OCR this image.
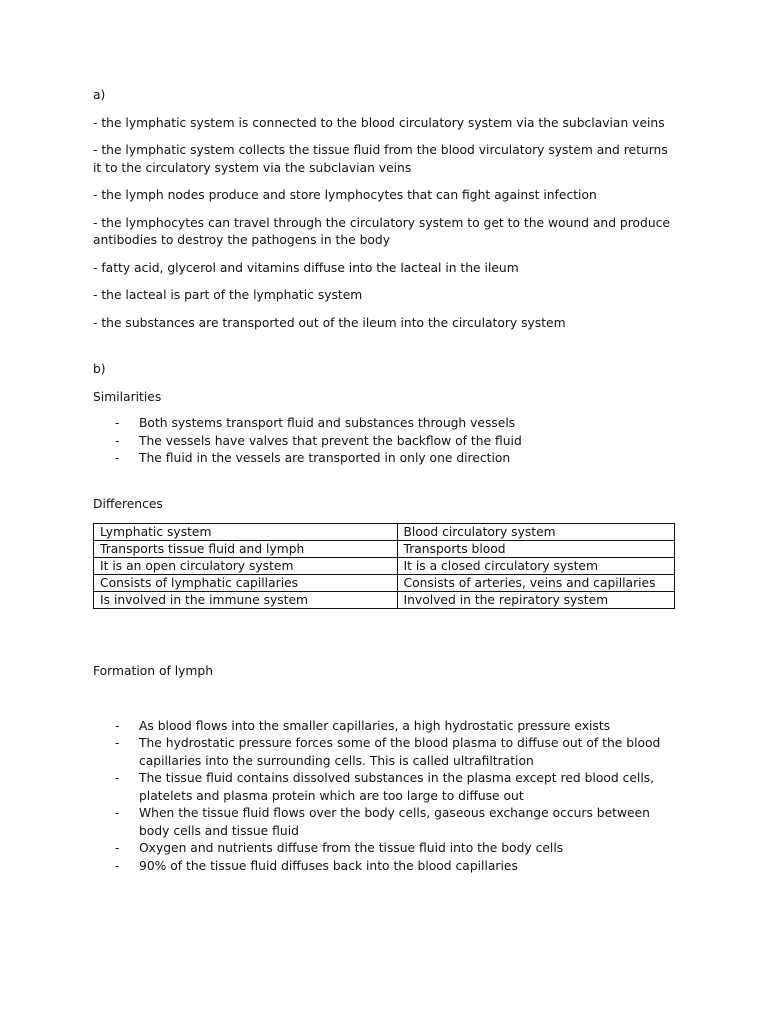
a)

- the lymphatic system is connected to the blood circulatory system via the subclavian veins

- the lymphatic system collects the tissue fluid from the blood virculatory system and returns it to the circulatory system via the subclavian veins

- the lymph nodes produce and store lymphocytes that can fight against infection

- the lymphocytes can travel through the circulatory system to get to the wound and produce antibodies to destroy the pathogens in the body

- fatty acid, glycerol and vitamins diffuse into the lacteal in the ileum

- the lacteal is part of the lymphatic system

- the substances are transported out of the ileum into the circulatory system

b)
Similarities
- Both systems transport fluid and substances through vessels
- The vessels have valves that prevent the backflow of the fluid
- The fluid in the vessels are transported in only one direction
Differences
Lymphatic system	Blood circulatory system
Transports tissue fluid and lymph	Transports blood
It is an open circulatory system	It is a closed circulatory system
Consists of lymphatic capillaries	Consists of arteries, veins and capillaries
Is involved in the immune system	Involved in the repiratory system
Formation of lymph
- As blood flows into the smaller capillaries, a high hydrostatic pressure exists
- The hydrostatic pressure forces some of the blood plasma to diffuse out of the blood capillaries into the surrounding cells. This is called ultrafiltration
- The tissue fluid contains dissolved substances in the plasma except red blood cells, platelets and plasma protein which are too large to diffuse out
- When the tissue fluid flows over the body cells, gaseous exchange occurs between body cells and tissue fluid
- Oxygen and nutrients diffuse from the tissue fluid into the body cells
- 90% of the tissue fluid diffuses back into the blood capillaries
